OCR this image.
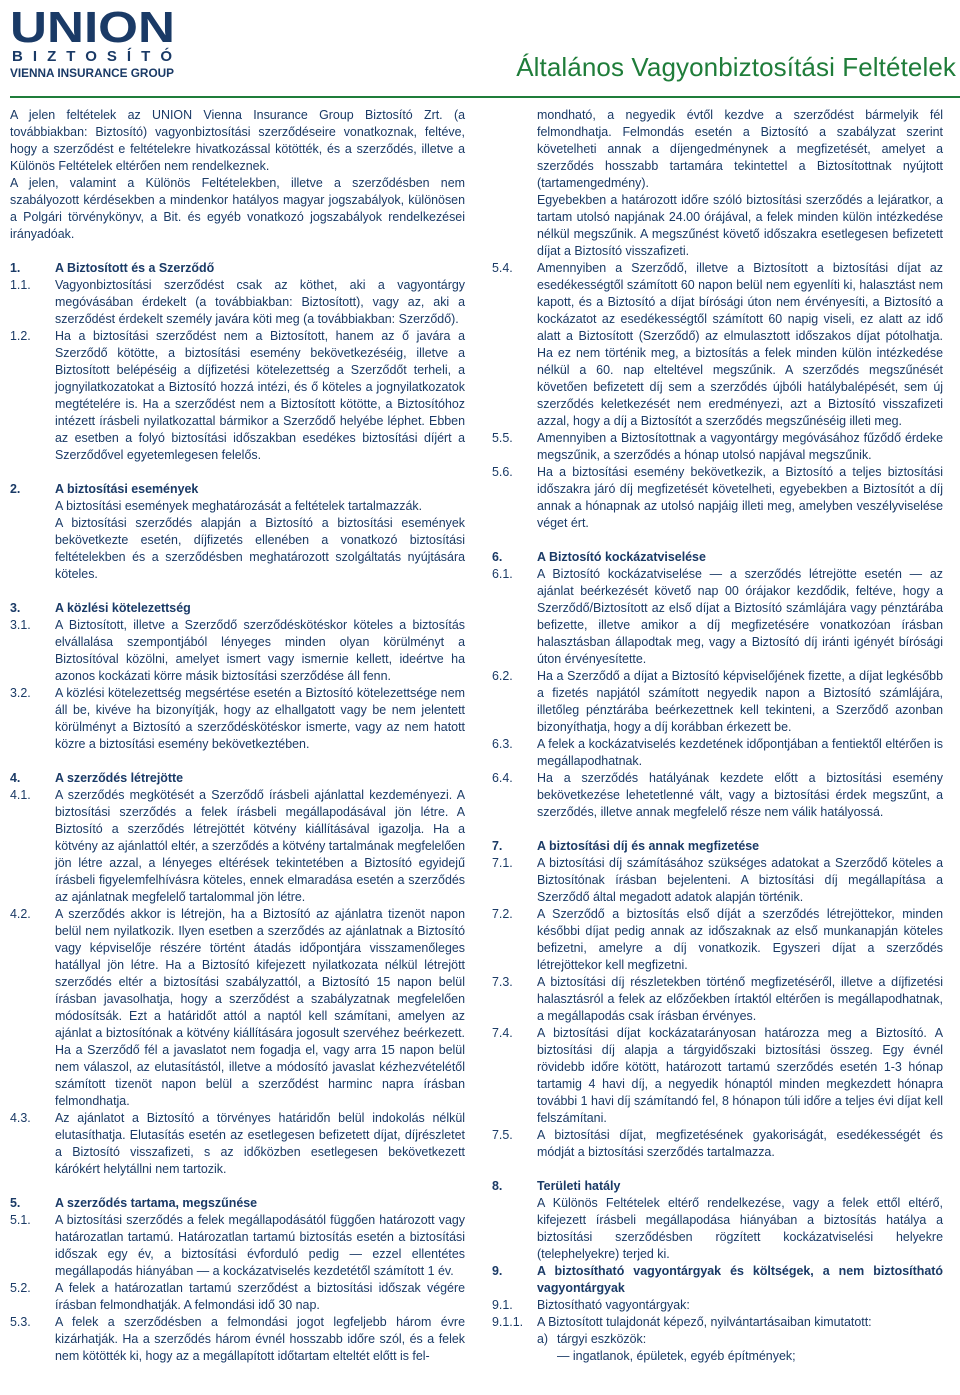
UNION
BIZTOSÍTÓ
VIENNA INSURANCE GROUP	Általános Vagyonbiztosítási Feltételek

A jelen feltételek az UNION Vienna Insurance Group Biztosító Zrt. (a továbbiakban: Biztosító) vagyonbiztosítási szerződéseire vonatkoznak, feltéve, hogy a szerződést e feltételekre hivatkozással kötötték, és a szerződés, illetve a Különös Feltételek eltérően nem rendelkeznek.

A jelen, valamint a Különös Feltételekben, illetve a szerződésben nem szabályozott kérdésekben a mindenkor hatályos magyar jogszabályok, különösen a Polgári törvénykönyv, a Bit. és egyéb vonatkozó jogszabályok rendelkezései irányadóak.

1.	A Biztosított és a Szerződő
1.1.	Vagyonbiztosítási szerződést csak az köthet, aki a vagyontárgy megóvásában érdekelt (a továbbiakban: Biztosított), vagy az, aki a szerződést érdekelt személy javára köti meg (a továbbiakban: Szerződő).
1.2.	Ha a biztosítási szerződést nem a Biztosított, hanem az ő javára a Szerződő kötötte, a biztosítási esemény bekövetkezéséig, illetve a Biztosított belépéséig a díjfizetési kötelezettség a Szerződőt terheli, a jognyilatkozatokat a Biztosító hozzá intézi, és ő köteles a jognyilatkozatok megtételére is. Ha a szerződést nem a Biztosított kötötte, a Biztosítóhoz intézett írásbeli nyilatkozattal bármikor a Szerződő helyébe léphet. Ebben az esetben a folyó biztosítási időszakban esedékes biztosítási díjért a Szerződővel egyetemlegesen felelős.
2.	A biztosítási események

A biztosítási események meghatározását a feltételek tartalmazzák.

A biztosítási szerződés alapján a Biztosító a biztosítási események bekövetkezte esetén, díjfizetés ellenében a vonatkozó biztosítási feltételekben és a szerződésben meghatározott szolgáltatás nyújtására köteles.

3.	A közlési kötelezettség
3.1.	A Biztosított, illetve a Szerződő szerződéskötéskor köteles a biztosítás elvállalása szempontjából lényeges minden olyan körülményt a Biztosítóval közölni, amelyet ismert vagy ismernie kellett, ideértve ha azonos kockázati körre másik biztosítási szerződése áll fenn.
3.2.	A közlési kötelezettség megsértése esetén a Biztosító kötelezettsége nem áll be, kivéve ha bizonyítják, hogy az elhallgatott vagy be nem jelentett körülményt a Biztosító a szerződéskötéskor ismerte, vagy az nem hatott közre a biztosítási esemény bekövetkeztében.
4.	A szerződés létrejötte
4.1.	A szerződés megkötését a Szerződő írásbeli ajánlattal kezdeményezi. A biztosítási szerződés a felek írásbeli megállapodásával jön létre. A Biztosító a szerződés létrejöttét kötvény kiállításával igazolja. Ha a kötvény az ajánlattól eltér, a szerződés a kötvény tartalmának megfelelően jön létre azzal, a lényeges eltérések tekintetében a Biztosító egyidejű írásbeli figyelemfelhívásra köteles, ennek elmaradása esetén a szerződés az ajánlatnak megfelelő tartalommal jön létre.
4.2.	A szerződés akkor is létrejön, ha a Biztosító az ajánlatra tizenöt napon belül nem nyilatkozik. Ilyen esetben a szerződés az ajánlatnak a Biztosító vagy képviselője részére történt átadás időpontjára visszamenőleges hatállyal jön létre. Ha a Biztosító kifejezett nyilatkozata nélkül létrejött szerződés eltér a biztosítási szabályzattól, a Biztosító 15 napon belül írásban javasolhatja, hogy a szerződést a szabályzatnak megfelelően módosítsák. Ezt a határidőt attól a naptól kell számítani, amelyen az ajánlat a biztosítónak a kötvény kiállítására jogosult szervéhez beérkezett. Ha a Szerződő fél a javaslatot nem fogadja el, vagy arra 15 napon belül nem válaszol, az elutasítástól, illetve a módosító javaslat kézhezvételétől számított tizenöt napon belül a szerződést harminc napra írásban felmondhatja.
4.3.	Az ajánlatot a Biztosító a törvényes határidőn belül indokolás nélkül elutasíthatja. Elutasítás esetén az esetlegesen befizetett díjat, díjrészletet a Biztosító visszafizeti, s az időközben esetlegesen bekövetkezett kárókért helytállni nem tartozik.
5.	A szerződés tartama, megszűnése
5.1.	A biztosítási szerződés a felek megállapodásától függően határozott vagy határozatlan tartamú. Határozatlan tartamú biztosítás esetén a biztosítási időszak egy év, a biztosítási évforduló pedig — ezzel ellentétes megállapodás hiányában — a kockázatviselés kezdetétől számított 1 év.
5.2.	A felek a határozatlan tartamú szerződést a biztosítási időszak végére írásban felmondhatják. A felmondási idő 30 nap.
5.3.	A felek a szerződésben a felmondási jogot legfeljebb három évre kizárhatják. Ha a szerződés három évnél hosszabb időre szól, és a felek nem kötötték ki, hogy az a megállapított időtartam elteltét előtt is fel-

mondható, a negyedik évtől kezdve a szerződést bármelyik fél felmondhatja. Felmondás esetén a Biztosító a szabályzat szerint követelheti annak a díjengedménynek a megfizetését, amelyet a szerződés hosszabb tartamára tekintettel a Biztosítottnak nyújtott (tartamengedmény).

Egyebekben a határozott időre szóló biztosítási szerződés a lejáratkor, a tartam utolsó napjának 24.00 órájával, a felek minden külön intézkedése nélkül megszűnik. A megszűnést követő időszakra esetlegesen befizetett díjat a Biztosító visszafizeti.

5.4.	Amennyiben a Szerződő, illetve a Biztosított a biztosítási díjat az esedékességtől számított 60 napon belül nem egyenlíti ki, halasztást nem kapott, és a Biztosító a díjat bírósági úton nem érvényesíti, a Biztosító a kockázatot az esedékességtől számított 60 napig viseli, ez alatt az idő alatt a Biztosított (Szerződő) az elmulasztott időszakos díjat pótolhatja. Ha ez nem történik meg, a biztosítás a felek minden külön intézkedése nélkül a 60. nap elteltével megszűnik. A szerződés megszűnését követően befizetett díj sem a szerződés újbóli hatálybalépését, sem új szerződés keletkezését nem eredményezi, azt a Biztosító visszafizeti azzal, hogy a díj a Biztosítót a szerződés megszűnéséig illeti meg.
5.5.	Amennyiben a Biztosítottnak a vagyontárgy megóvásához fűződő érdeke megszűnik, a szerződés a hónap utolsó napjával megszűnik.
5.6.	Ha a biztosítási esemény bekövetkezik, a Biztosító a teljes biztosítási időszakra járó díj megfizetését követelheti, egyebekben a Biztosítót a díj annak a hónapnak az utolsó napjáig illeti meg, amelyben veszélyviselése véget ért.
6.	A Biztosító kockázatviselése
6.1.	A Biztosító kockázatviselése — a szerződés létrejötte esetén — az ajánlat beérkezését követő nap 00 órájakor kezdődik, feltéve, hogy a Szerződő/Biztosított az első díjat a Biztosító számlájára vagy pénztárába befizette, illetve amikor a díj megfizetésére vonatkozóan írásban halasztásban állapodtak meg, vagy a Biztosító díj iránti igényét bírósági úton érvényesítette.
6.2.	Ha a Szerződő a díjat a Biztosító képviselőjének fizette, a díjat legkésőbb a fizetés napjától számított negyedik napon a Biztosító számlájára, illetőleg pénztárába beérkezettnek kell tekinteni, a Szerződő azonban bizonyíthatja, hogy a díj korábban érkezett be.
6.3.	A felek a kockázatviselés kezdetének időpontjában a fentiektől eltérően is megállapodhatnak.
6.4.	Ha a szerződés hatályának kezdete előtt a biztosítási esemény bekövetkezése lehetetlenné vált, vagy a biztosítási érdek megszűnt, a szerződés, illetve annak megfelelő része nem válik hatályossá.
7.	A biztosítási díj és annak megfizetése
7.1.	A biztosítási díj számításához szükséges adatokat a Szerződő köteles a Biztosítónak írásban bejelenteni. A biztosítási díj megállapítása a Szerződő által megadott adatok alapján történik.
7.2.	A Szerződő a biztosítás első díját a szerződés létrejöttekor, minden későbbi díjat pedig annak az időszaknak az első munkanapján köteles befizetni, amelyre a díj vonatkozik. Egyszeri díjat a szerződés létrejöttekor kell megfizetni.
7.3.	A biztosítási díj részletekben történő megfizetéséről, illetve a díjfizetési halasztásról a felek az előzőekben írtaktól eltérően is megállapodhatnak, a megállapodás csak írásban érvényes.
7.4.	A biztosítási díjat kockázatarányosan határozza meg a Biztosító. A biztosítási díj alapja a tárgyidőszaki biztosítási összeg. Egy évnél rövidebb időre kötött, határozott tartamú szerződés esetén 1-3 hónap tartamig 4 havi díj, a negyedik hónaptól minden megkezdett hónapra további 1 havi díj számítandó fel, 8 hónapon túli időre a teljes évi díjat kell felszámítani.
7.5.	A biztosítási díjat, megfizetésének gyakoriságát, esedékességét és módját a biztosítási szerződés tartalmazza.
8.	Területi hatály

A Különös Feltételek eltérő rendelkezése, vagy a felek ettől eltérő, kifejezett írásbeli megállapodása hiányában a biztosítás hatálya a biztosítási szerződésben rögzített kockázatviselési helyekre (telephelyekre) terjed ki.

9.	A biztosítható vagyontárgyak és költségek, a nem biztosítható vagyontárgyak
9.1.	Biztosítható vagyontárgyak:
9.1.1.	A Biztosított tulajdonát képező, nyilvántartásaiban kimutatott:
a) tárgyi eszközök:
— ingatlanok, épületek, egyéb építmények;
